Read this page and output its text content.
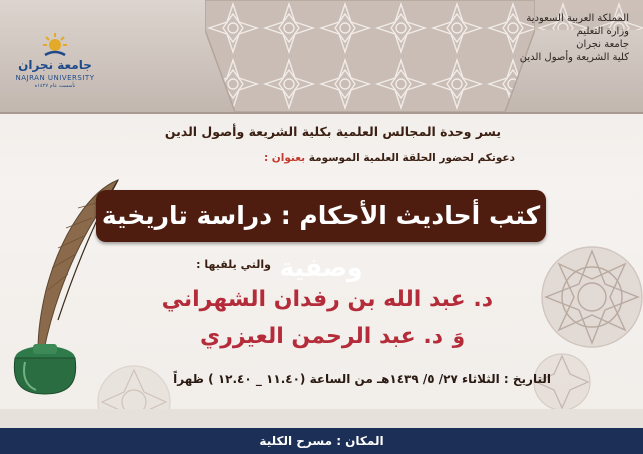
المملكة العربية السعودية
وزارة التعليم
جامعة نجران
كلية الشريعة وأصول الدين
جامعة نجران
NAJRAN UNIVERSITY
تأسست عام ١٤٢٧ه
يسر وحدة المجالس العلمية بكلية الشريعة وأصول الدين
دعوتكم لحضور الحلقة العلمية الموسومة بعنوان :
كتب أحاديث الأحكام : دراسة تاريخية وصفية
والتي يلقيها :
د. عبد الله بن رفدان الشهراني
وَ
د. عبد الرحمن العيزري
التاريخ : الثلاثاء ٢٧/ ٥/ ١٤٣٩هـ من الساعة (١١.٤٠ _ ١٢.٤٠ ) ظهراً
المكان : مسرح الكلية
